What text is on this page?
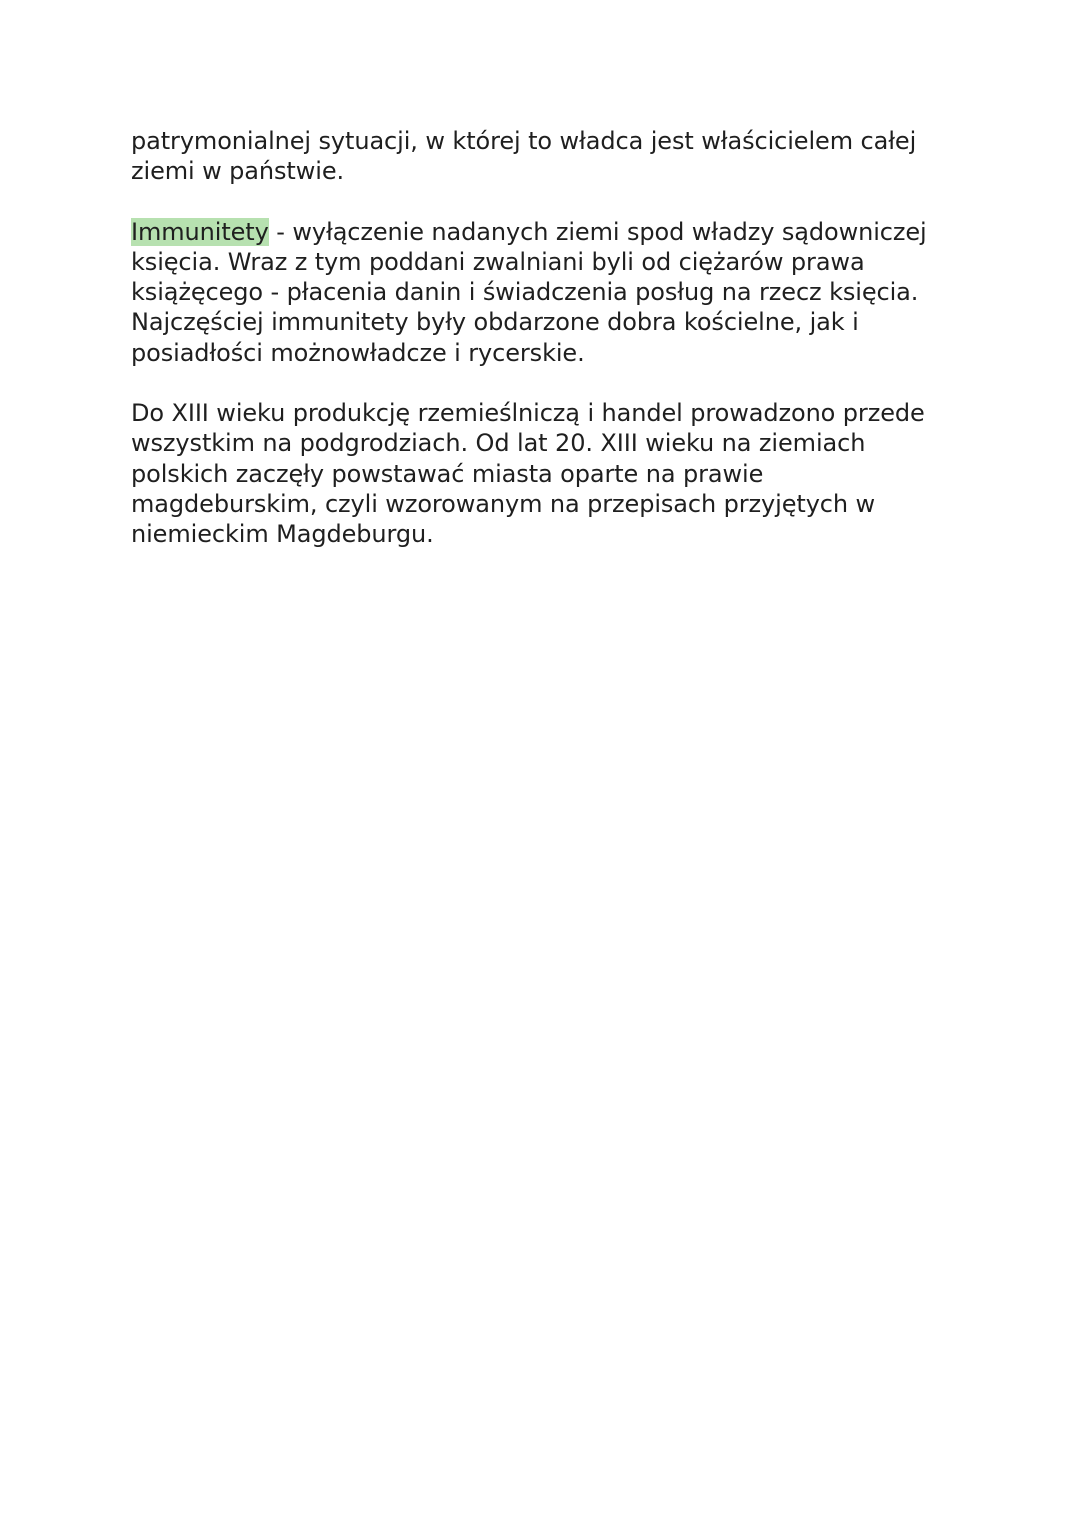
patrymonialnej sytuacji, w której to władca jest właścicielem całej
ziemi w państwie.

Immunitety - wyłączenie nadanych ziemi spod władzy sądowniczej
księcia. Wraz z tym poddani zwalniani byli od ciężarów prawa
książęcego - płacenia danin i świadczenia posług na rzecz księcia.
Najczęściej immunitety były obdarzone dobra kościelne, jak i
posiadłości możnowładcze i rycerskie.

Do XIII wieku produkcję rzemieślniczą i handel prowadzono przede
wszystkim na podgrodziach. Od lat 20. XIII wieku na ziemiach
polskich zaczęły powstawać miasta oparte na prawie
magdeburskim, czyli wzorowanym na przepisach przyjętych w
niemieckim Magdeburgu.
